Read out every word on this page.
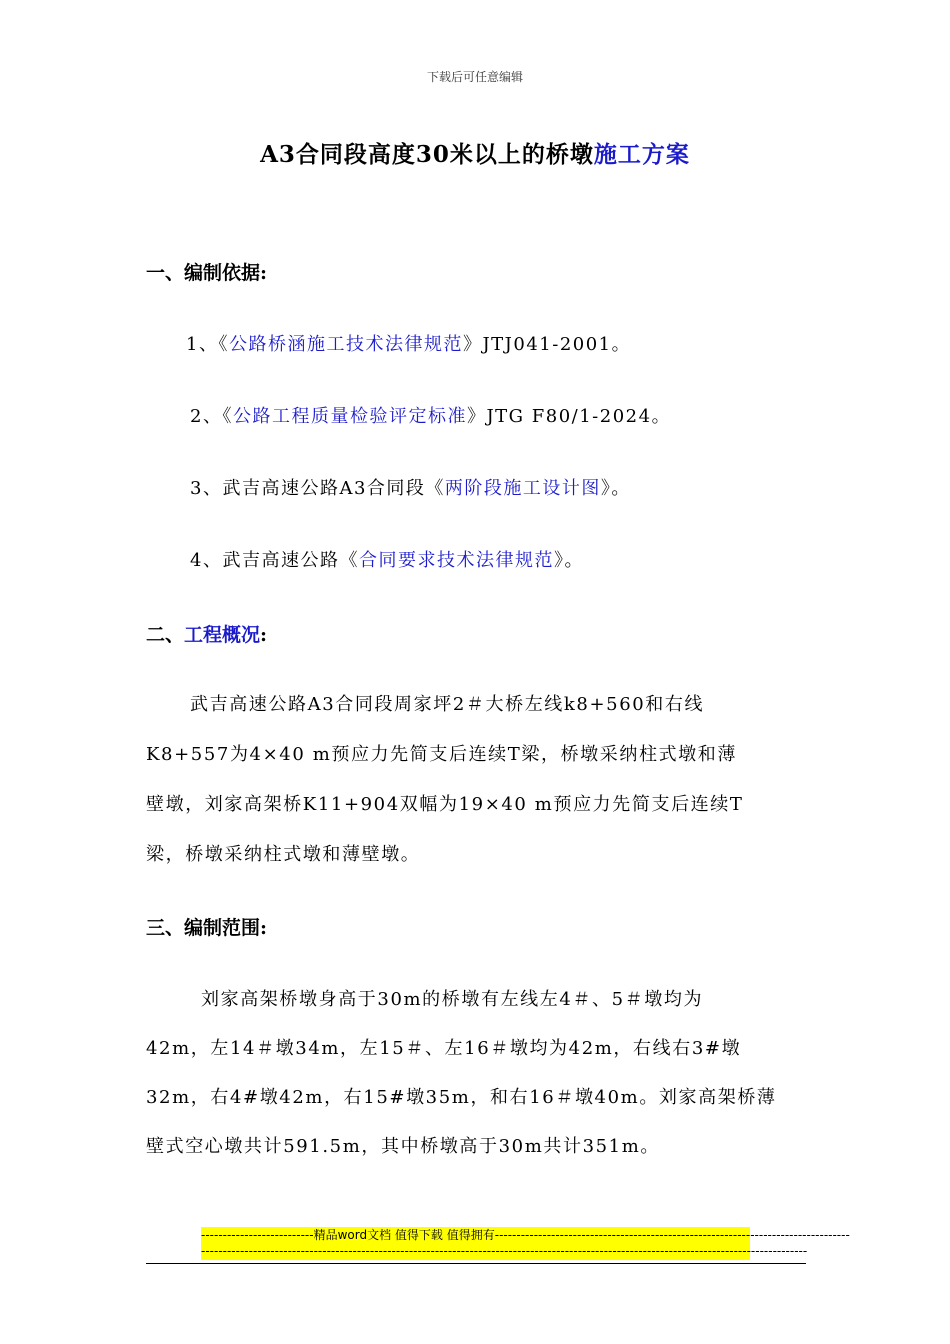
下载后可任意编辑
A3合同段高度30米以上的桥墩施工方案
一、编制依据:
1、《公路桥涵施工技术法律规范》JTJ041-2001。
2、《公路工程质量检验评定标准》JTG F80/1-2024。
3、武吉高速公路A3合同段《两阶段施工设计图》。
4、武吉高速公路《合同要求技术法律规范》。
二、工程概况:
武吉高速公路A3合同段周家坪2＃大桥左线k8+560和右线
K8+557为4×40 m预应力先简支后连续T梁，桥墩采纳柱式墩和薄
壁墩，刘家高架桥K11+904双幅为19×40 m预应力先简支后连续T
梁，桥墩采纳柱式墩和薄壁墩。
三、编制范围:
刘家高架桥墩身高于30m的桥墩有左线左4＃、5＃墩均为
42m，左14＃墩34m，左15＃、左16＃墩均为42m，右线右3#墩
32m，右4#墩42m，右15#墩35m，和右16＃墩40m。刘家高架桥薄
壁式空心墩共计591.5m，其中桥墩高于30m共计351m。
--------------------------精品word文档 值得下载 值得拥有----------------------------------------------------------------------------------
--------------------------------------------------------------------------------------------------------------------------------------------
